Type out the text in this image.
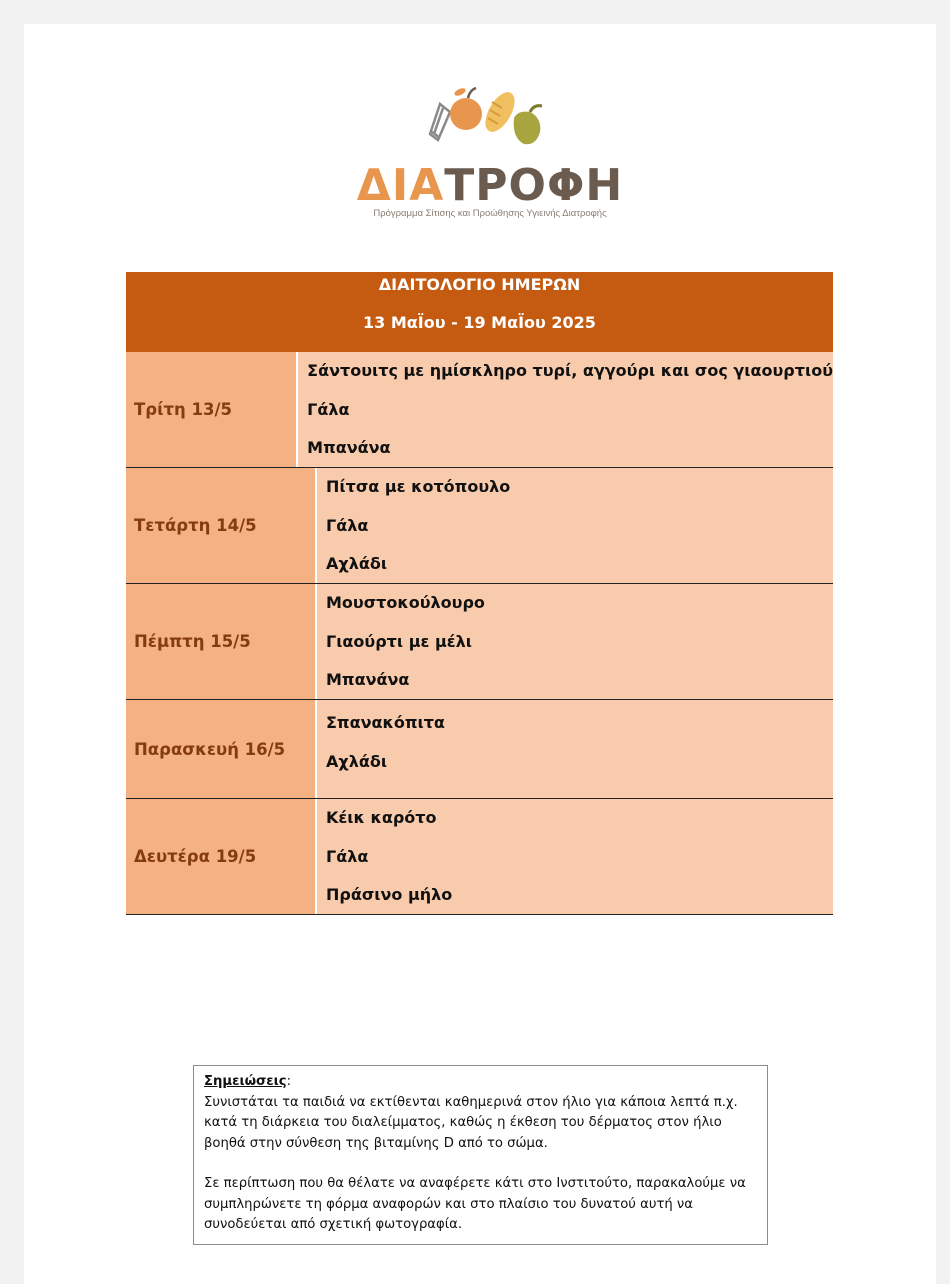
ΔΙΑΤΡΟΦΗ
Πρόγραμμα Σίτισης και Προώθησης Υγιεινής Διατροφής
ΔΙΑΙΤΟΛΟΓΙΟ ΗΜΕΡΩΝ
13 ΜαΪου - 19 ΜαΪου 2025
Τρίτη 13/5
Σάντουιτς με ημίσκληρο τυρί, αγγούρι και σος γιαουρτιού
Γάλα
Μπανάνα
Τετάρτη 14/5
Πίτσα με κοτόπουλο
Γάλα
Αχλάδι
Πέμπτη 15/5
Μουστοκούλουρο
Γιαούρτι με μέλι
Μπανάνα
Παρασκευή 16/5
Σπανακόπιτα
Αχλάδι
Δευτέρα 19/5
Κέικ καρότο
Γάλα
Πράσινο μήλο

Σημειώσεις:

Συνιστάται τα παιδιά να εκτίθενται καθημερινά στον ήλιο για κάποια λεπτά π.χ. κατά τη διάρκεια του διαλείμματος, καθώς η έκθεση του δέρματος στον ήλιο βοηθά στην σύνθεση της βιταμίνης D από το σώμα.

Σε περίπτωση που θα θέλατε να αναφέρετε κάτι στο Ινστιτούτο, παρακαλούμε να συμπληρώνετε τη φόρμα αναφορών και στο πλαίσιο του δυνατού αυτή να συνοδεύεται από σχετική φωτογραφία.
